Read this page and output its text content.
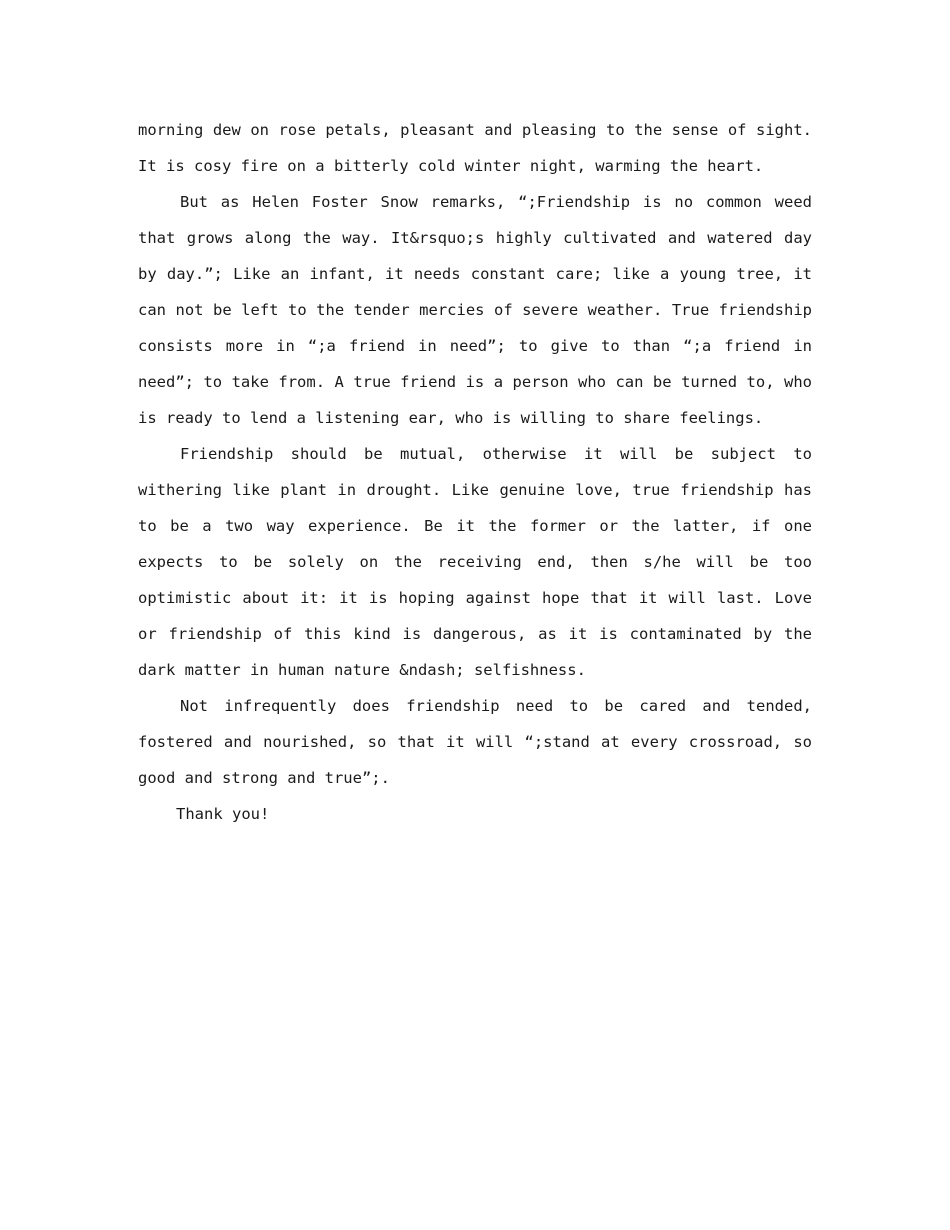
morning dew on rose petals, pleasant and pleasing to the sense of sight. It is cosy fire on a bitterly cold winter night, warming the heart.

But as Helen Foster Snow remarks, “;Friendship is no common weed that grows along the way. It&rsquo;s highly cultivated and watered day by day.”; Like an infant, it needs constant care; like a young tree, it can not be left to the tender mercies of severe weather. True friendship consists more in “;a friend in need”; to give to than “;a friend in need”; to take from. A true friend is a person who can be turned to, who is ready to lend a listening ear, who is willing to share feelings.

Friendship should be mutual, otherwise it will be subject to withering like plant in drought. Like genuine love, true friendship has to be a two way experience. Be it the former or the latter, if one expects to be solely on the receiving end, then s/he will be too optimistic about it: it is hoping against hope that it will last. Love or friendship of this kind is dangerous, as it is contaminated by the dark matter in human nature &ndash; selfishness.

Not infrequently does friendship need to be cared and tended, fostered and nourished, so that it will “;stand at every crossroad, so good and strong and true”;.

Thank you!
